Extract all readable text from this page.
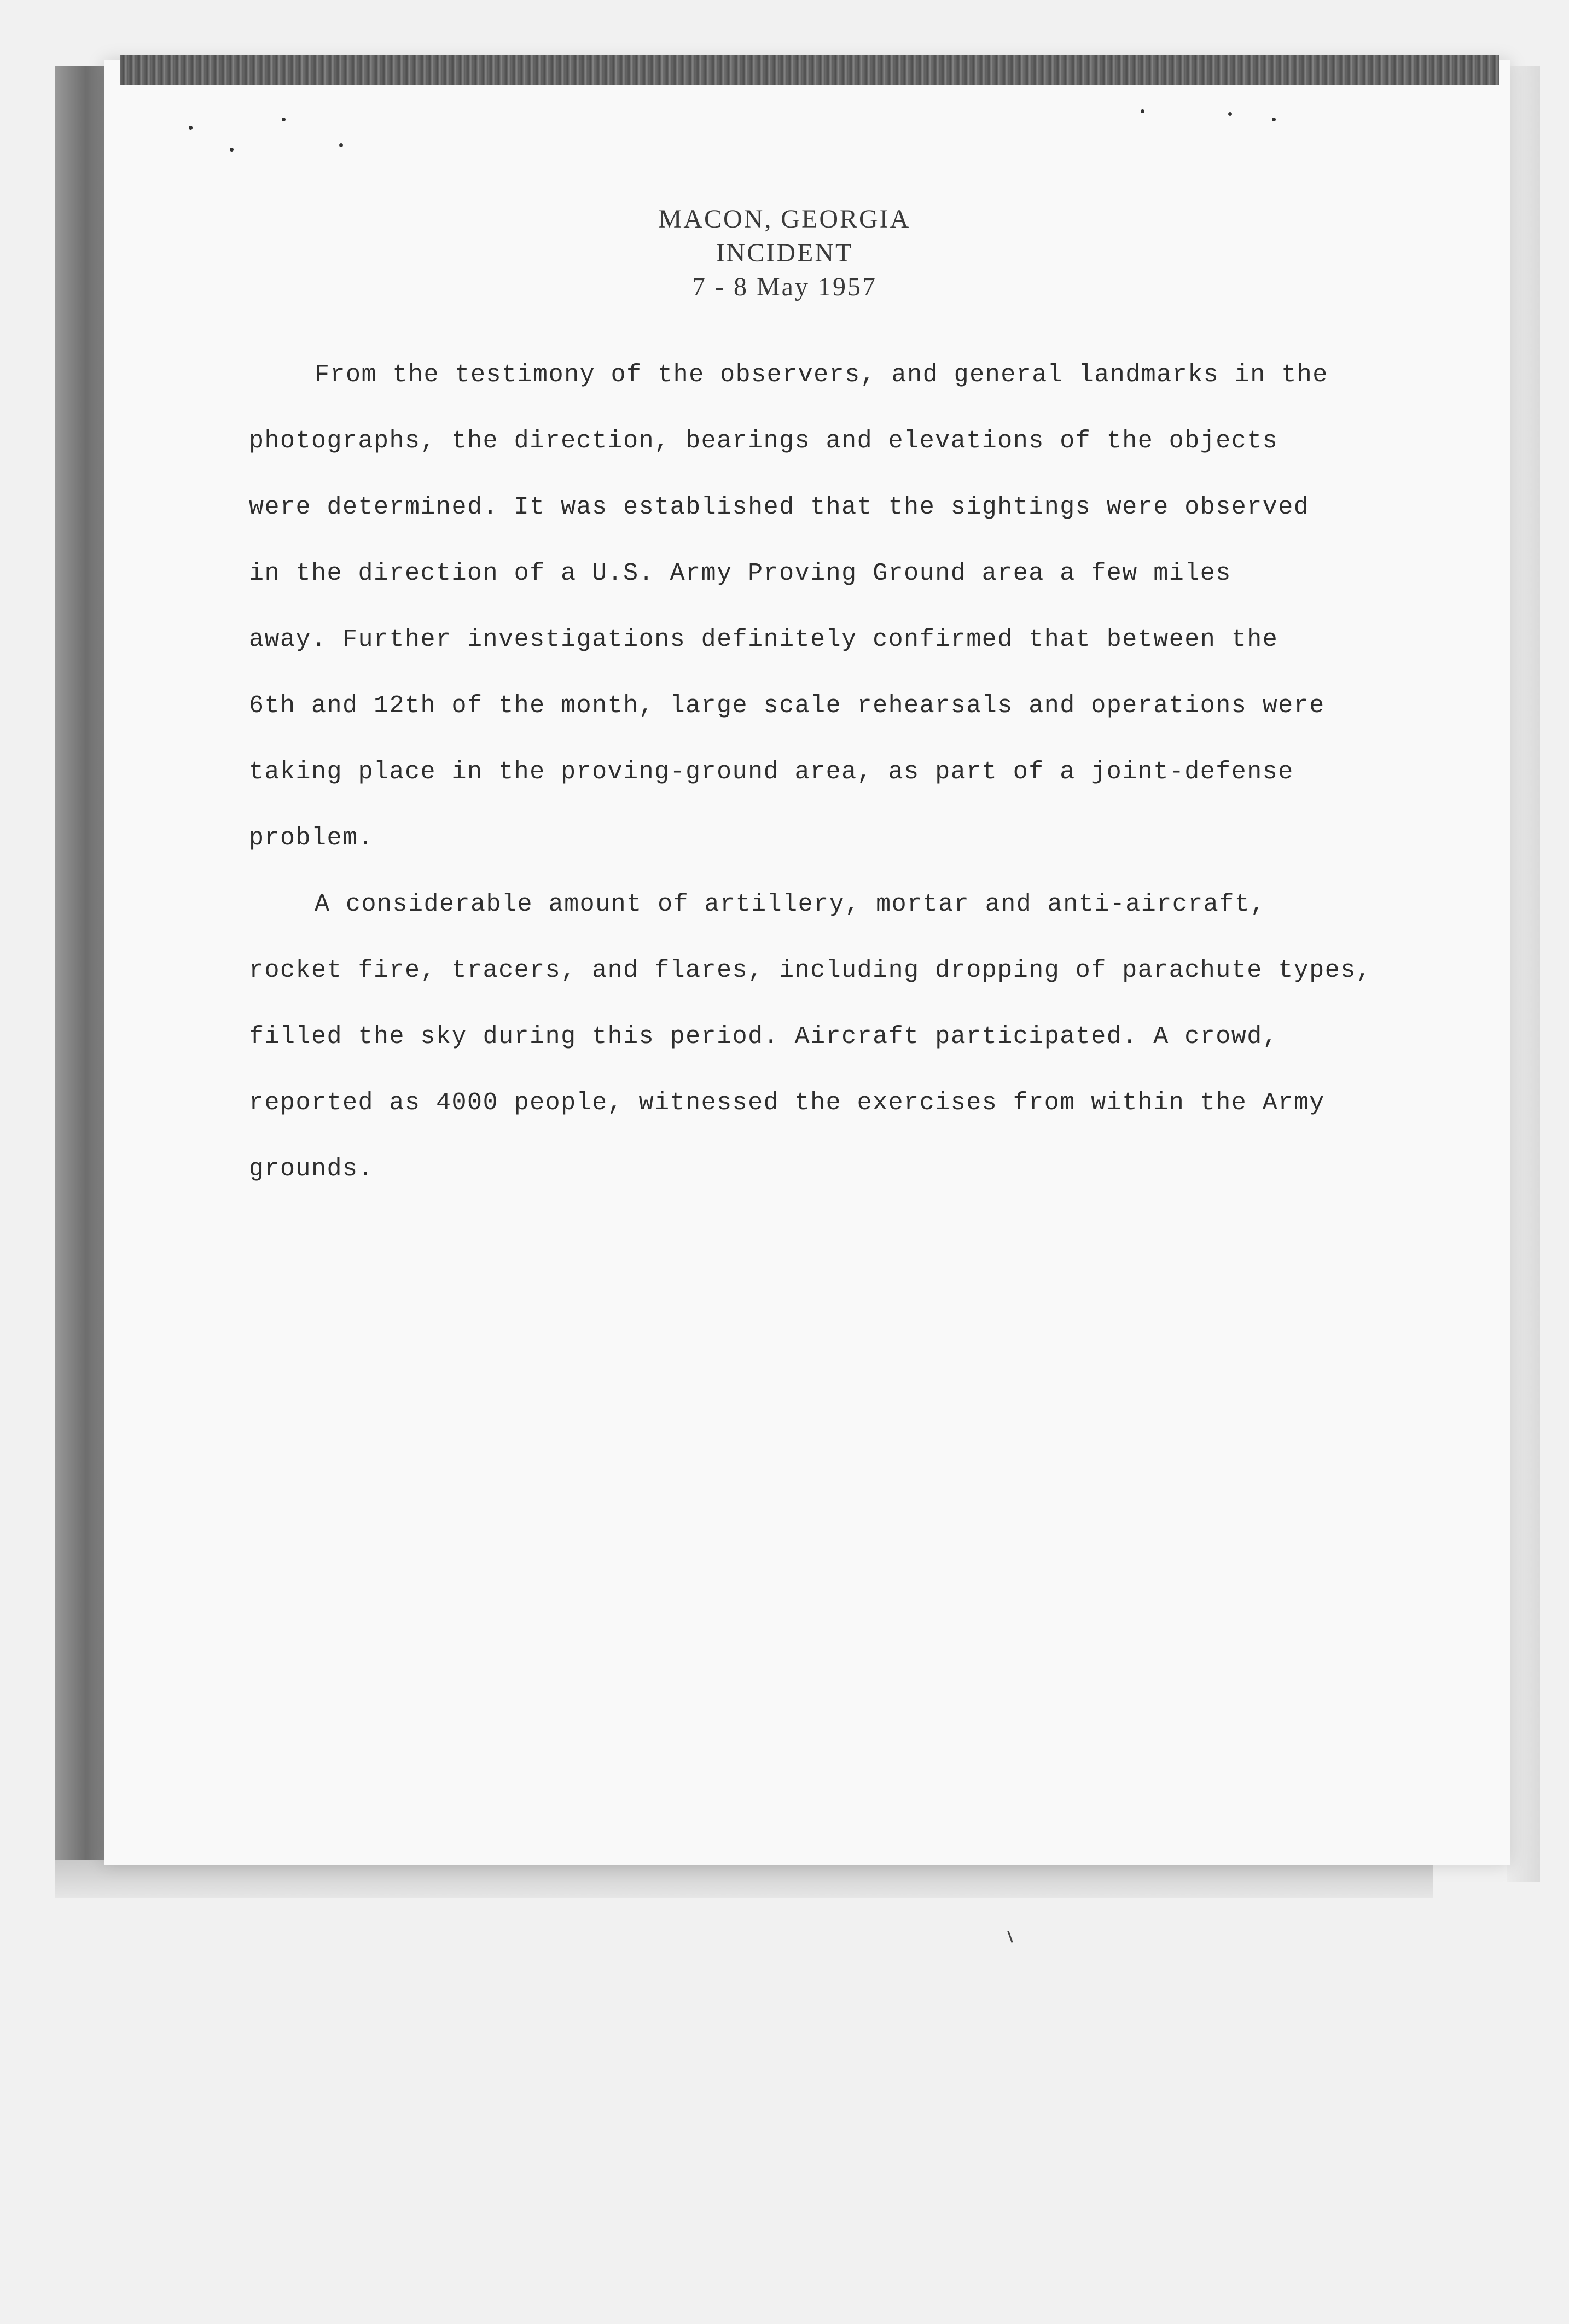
MACON, GEORGIA
INCIDENT
7 - 8 May 1957
From the testimony of the observers, and general landmarks in the
photographs, the direction, bearings and elevations of the objects
were determined. It was established that the sightings were observed
in the direction of a U.S. Army Proving Ground area a few miles
away. Further investigations definitely confirmed that between the
6th and 12th of the month, large scale rehearsals and operations were
taking place in the proving-ground area, as part of a joint-defense
problem.
A considerable amount of artillery, mortar and anti-aircraft,
rocket fire, tracers, and flares, including dropping of parachute types,
filled the sky during this period. Aircraft participated. A crowd,
reported as 4000 people, witnessed the exercises from within the Army
grounds.
